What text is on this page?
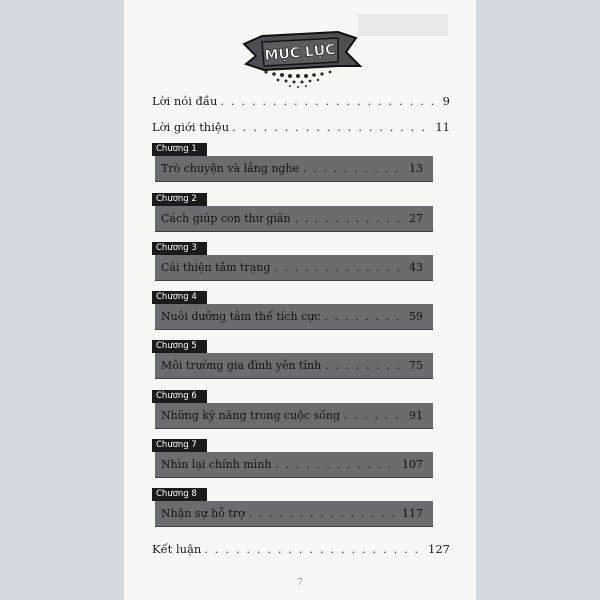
MỤC LỤC
Lời nói đầu . . .	9
Lời giới thiệu . . .	11
Chương 1
Trò chuyện và lắng nghe . . .	13
Chương 2
Cách giúp con thư giãn . . .	27
Chương 3
Cải thiện tâm trạng . . .	43
Chương 4
Nuôi dưỡng tâm thế tích cực . . .	59
Chương 5
Môi trường gia đình yên tĩnh . . .	75
Chương 6
Những kỹ năng trong cuộc sống . . .	91
Chương 7
Nhìn lại chính mình . . .	107
Chương 8
Nhận sự hỗ trợ . . .	117
Kết luận . . .	127
7
